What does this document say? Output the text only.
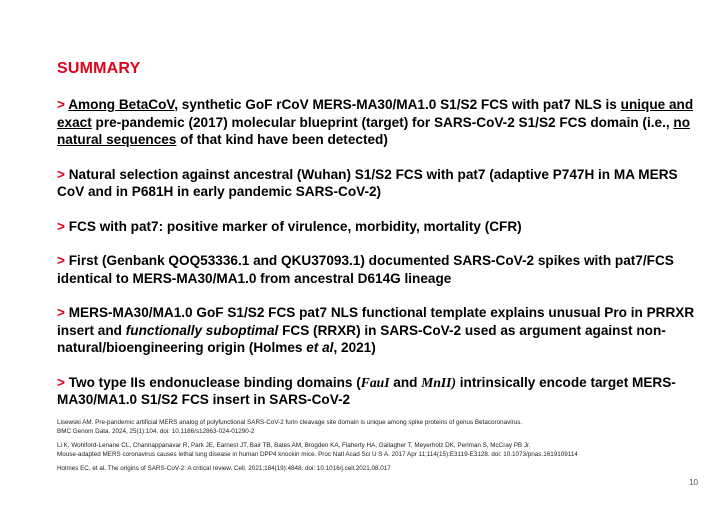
SUMMARY

> Among BetaCoV, synthetic GoF rCoV MERS-MA30/MA1.0 S1/S2 FCS with pat7 NLS is unique and exact pre-pandemic (2017) molecular blueprint (target) for SARS-CoV-2 S1/S2 FCS domain (i.e., no natural sequences of that kind have been detected)

> Natural selection against ancestral (Wuhan) S1/S2 FCS with pat7 (adaptive P747H in MA MERS CoV and in P681H in early pandemic SARS-CoV-2)

> FCS with pat7: positive marker of virulence, morbidity, mortality (CFR)

> First (Genbank QOQ53336.1 and QKU37093.1) documented SARS-CoV-2 spikes with pat7/FCS identical to MERS-MA30/MA1.0 from ancestral D614G lineage

> MERS-MA30/MA1.0 GoF S1/S2 FCS pat7 NLS functional template explains unusual Pro in PRRXR insert and functionally suboptimal FCS (RRXR) in SARS-CoV-2 used as argument against non-natural/bioengineering origin (Holmes et al, 2021)

> Two type IIs endonuclease binding domains (FauI and MnII) intrinsically encode target MERS-MA30/MA1.0 S1/S2 FCS insert in SARS-CoV-2

Lisewski AM. Pre-pandemic artificial MERS analog of polyfunctional SARS-CoV-2 furin cleavage site domain is unique among spike proteins of genus Betacoronavirus.
BMC Genom Data. 2024, 25(1):104. doi: 10.1186/s12863-024-01290-2

Li K, Wohlford-Lenane CL, Channappanavar R, Park JE, Earnest JT, Bair TB, Bates AM, Brogden KA, Flaherty HA, Gallagher T, Meyerholz DK, Perlman S, McCray PB Jr.
Mouse-adapted MERS coronavirus causes lethal lung disease in human DPP4 knockin mice. Proc Natl Acad Sci U S A. 2017 Apr 11;114(15):E3119-E3128. doi: 10.1073/pnas.1619109114

Holmes EC, et al. The origins of SARS-CoV-2: A critical review. Cell. 2021;184(19):4848. doi: 10.1016/j.cell.2021.08.017

10
